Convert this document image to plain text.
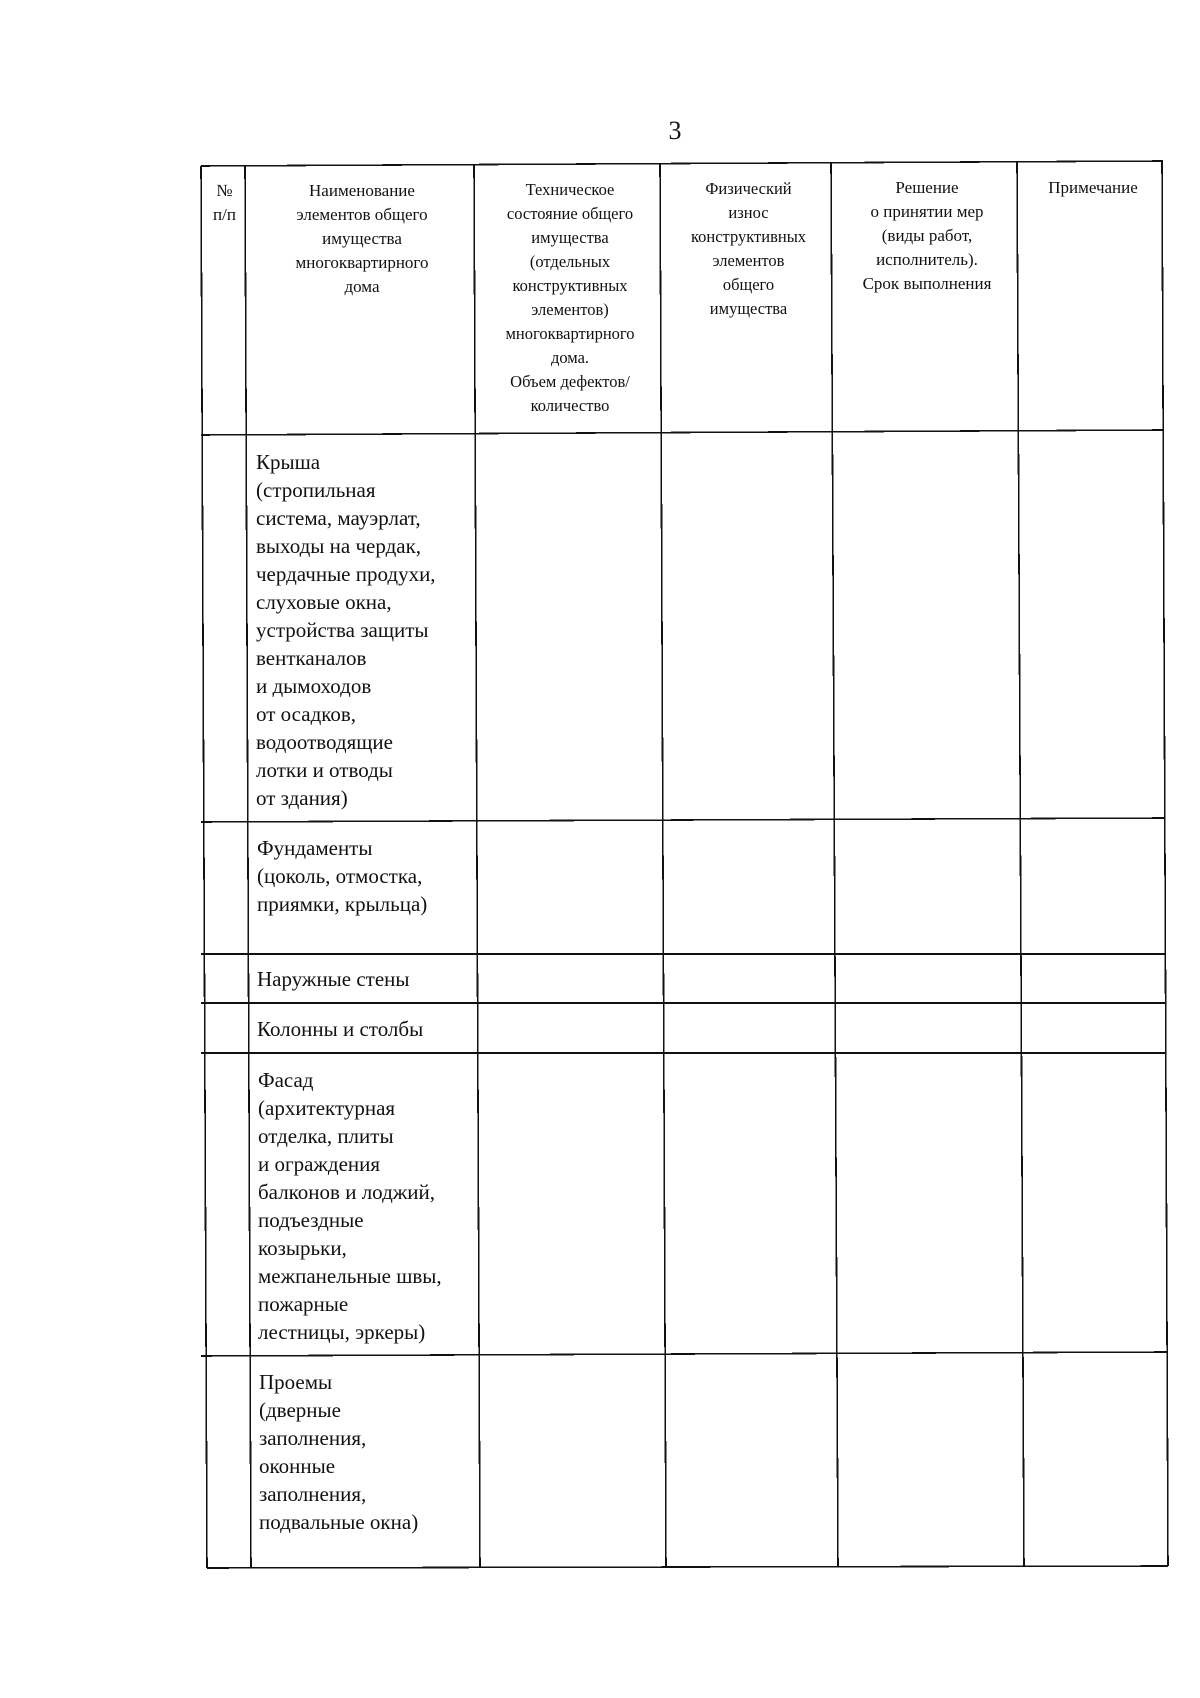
3
№
п/п
Наименование
элементов общего
имущества
многоквартирного
дома
Техническое
состояние общего
имущества
(отдельных
конструктивных
элементов)
многоквартирного
дома.
Объем дефектов/
количество
Физический
износ
конструктивных
элементов
общего
имущества
Решение
о принятии мер
(виды работ,
исполнитель).
Срок выполнения
Примечание
Крыша
(стропильная
система, мауэрлат,
выходы на чердак,
чердачные продухи,
слуховые окна,
устройства защиты
вентканалов
и дымоходов
от осадков,
водоотводящие
лотки и отводы
от здания)
Фундаменты
(цоколь, отмостка,
приямки, крыльца)
Наружные стены
Колонны и столбы
Фасад
(архитектурная
отделка, плиты
и ограждения
балконов и лоджий,
подъездные
козырьки,
межпанельные швы,
пожарные
лестницы, эркеры)
Проемы
(дверные
заполнения,
оконные
заполнения,
подвальные окна)
